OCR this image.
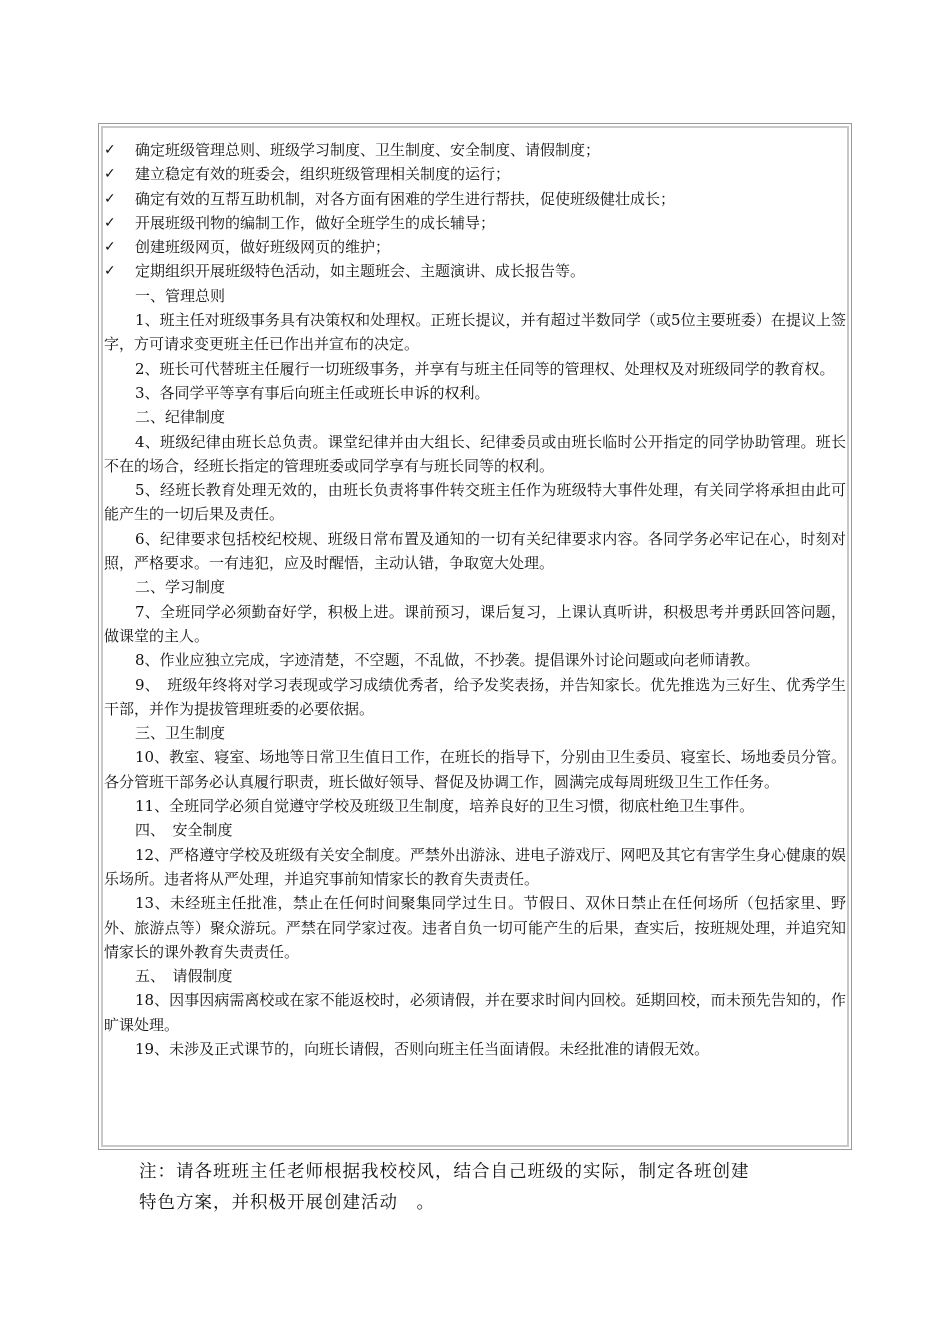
✓	确定班级管理总则、班级学习制度、卫生制度、安全制度、请假制度；
✓	建立稳定有效的班委会，组织班级管理相关制度的运行；
✓	确定有效的互帮互助机制，对各方面有困难的学生进行帮扶，促使班级健壮成长；
✓	开展班级刊物的编制工作，做好全班学生的成长辅导；
✓	创建班级网页，做好班级网页的维护；
✓	定期组织开展班级特色活动，如主题班会、主题演讲、成长报告等。
一、管理总则

1、班主任对班级事务具有决策权和处理权。正班长提议，并有超过半数同学（或5位主要班委）在提议上签字，方可请求变更班主任已作出并宣布的决定。

2、班长可代替班主任履行一切班级事务，并享有与班主任同等的管理权、处理权及对班级同学的教育权。

3、各同学平等享有事后向班主任或班长申诉的权利。

二、纪律制度

4、班级纪律由班长总负责。课堂纪律并由大组长、纪律委员或由班长临时公开指定的同学协助管理。班长不在的场合，经班长指定的管理班委或同学享有与班长同等的权利。

5、经班长教育处理无效的，由班长负责将事件转交班主任作为班级特大事件处理，有关同学将承担由此可能产生的一切后果及责任。

6、纪律要求包括校纪校规、班级日常布置及通知的一切有关纪律要求内容。各同学务必牢记在心，时刻对照，严格要求。一有违犯，应及时醒悟，主动认错，争取宽大处理。

二、学习制度

7、全班同学必须勤奋好学，积极上进。课前预习，课后复习，上课认真听讲，积极思考并勇跃回答问题，做课堂的主人。

8、作业应独立完成，字迹清楚，不空题，不乱做，不抄袭。提倡课外讨论问题或向老师请教。

9、　班级年终将对学习表现或学习成绩优秀者，给予发奖表扬，并告知家长。优先推选为三好生、优秀学生干部，并作为提拔管理班委的必要依据。

三、卫生制度

10、教室、寝室、场地等日常卫生值日工作，在班长的指导下，分别由卫生委员、寝室长、场地委员分管。各分管班干部务必认真履行职责，班长做好领导、督促及协调工作，圆满完成每周班级卫生工作任务。

11、全班同学必须自觉遵守学校及班级卫生制度，培养良好的卫生习惯，彻底杜绝卫生事件。

四、　安全制度

12、严格遵守学校及班级有关安全制度。严禁外出游泳、进电子游戏厅、网吧及其它有害学生身心健康的娱乐场所。违者将从严处理，并追究事前知情家长的教育失责责任。

13、未经班主任批准，禁止在任何时间聚集同学过生日。节假日、双休日禁止在任何场所（包括家里、野外、旅游点等）聚众游玩。严禁在同学家过夜。违者自负一切可能产生的后果，查实后，按班规处理，并追究知情家长的课外教育失责责任。

五、　请假制度

18、因事因病需离校或在家不能返校时，必须请假，并在要求时间内回校。延期回校，而未预先告知的，作旷课处理。

19、未涉及正式课节的，向班长请假，否则向班主任当面请假。未经批准的请假无效。

注：请各班班主任老师根据我校校风，结合自己班级的实际，制定各班创建

特色方案，并积极开展创建活动　。
